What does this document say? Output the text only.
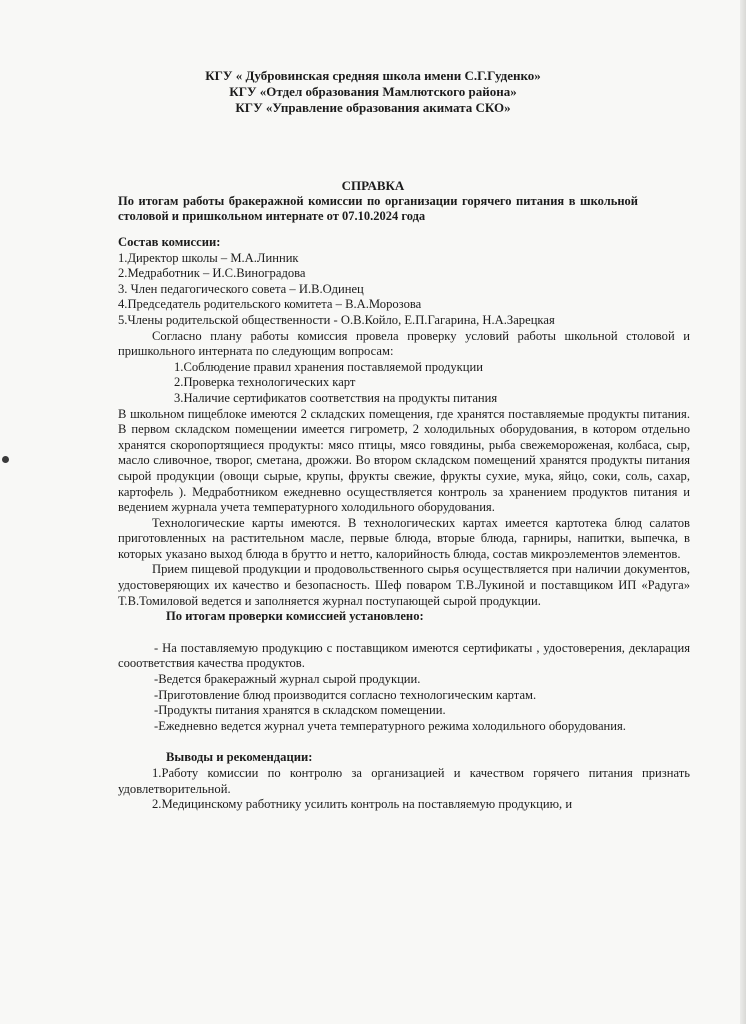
КГУ « Дубровинская средняя школа имени С.Г.Гуденко»
КГУ «Отдел образования Мамлютского района»
КГУ «Управление образования акимата СКО»
СПРАВКА
По итогам работы бракеражной комиссии по организации горячего питания в школьной столовой и пришкольном интернате от 07.10.2024 года
Состав комиссии:
1.Директор школы – М.А.Линник
2.Медработник – И.С.Виноградова
3. Член педагогического совета – И.В.Одинец
4.Председатель родительского комитета – В.А.Морозова
5.Члены родительской общественности - О.В.Койло, Е.П.Гагарина, Н.А.Зарецкая

Согласно плану работы комиссия провела проверку условий работы школьной столовой и пришкольного интерната по следующим вопросам:

1.Соблюдение правил хранения поставляемой продукции
2.Проверка технологических карт
3.Наличие сертификатов соответствия на продукты питания

В школьном пищеблоке имеются 2 складских помещения, где хранятся поставляемые продукты питания. В первом складском помещении имеется гигрометр, 2 холодильных оборудования, в котором отдельно хранятся скоропортящиеся продукты: мясо птицы, мясо говядины, рыба свежемороженая, колбаса, сыр, масло сливочное, творог, сметана, дрожжи. Во втором складском помещений хранятся продукты питания сырой продукции (овощи сырые, крупы, фрукты свежие, фрукты сухие, мука, яйцо, соки, соль, сахар, картофель ). Медработником ежедневно осуществляется контроль за хранением продуктов питания и ведением журнала учета температурного холодильного оборудования.

Технологические карты имеются. В технологических картах имеется картотека блюд салатов приготовленных на растительном масле, первые блюда, вторые блюда, гарниры, напитки, выпечка, в которых указано выход блюда в брутто и нетто, калорийность блюда, состав микроэлементов элементов.

Прием пищевой продукции и продовольственного сырья осуществляется при наличии документов, удостоверяющих их качество и безопасность. Шеф поваром Т.В.Лукиной и поставщиком ИП «Радуга» Т.В.Томиловой ведется и заполняется журнал поступающей сырой продукции.

По итогам проверки комиссией установлено:

- На поставляемую продукцию с поставщиком имеются сертификаты , удостоверения, декларация сооответствия качества продуктов.

-Ведется бракеражный журнал сырой продукции.

-Приготовление блюд производится согласно технологическим картам.

-Продукты питания хранятся в складском помещении.

-Ежедневно ведется журнал учета температурного режима холодильного оборудования.

Выводы и рекомендации:

1.Работу комиссии по контролю за организацией и качеством горячего питания признать удовлетворительной.

2.Медицинскому работнику усилить контроль на поставляемую продукцию, и
